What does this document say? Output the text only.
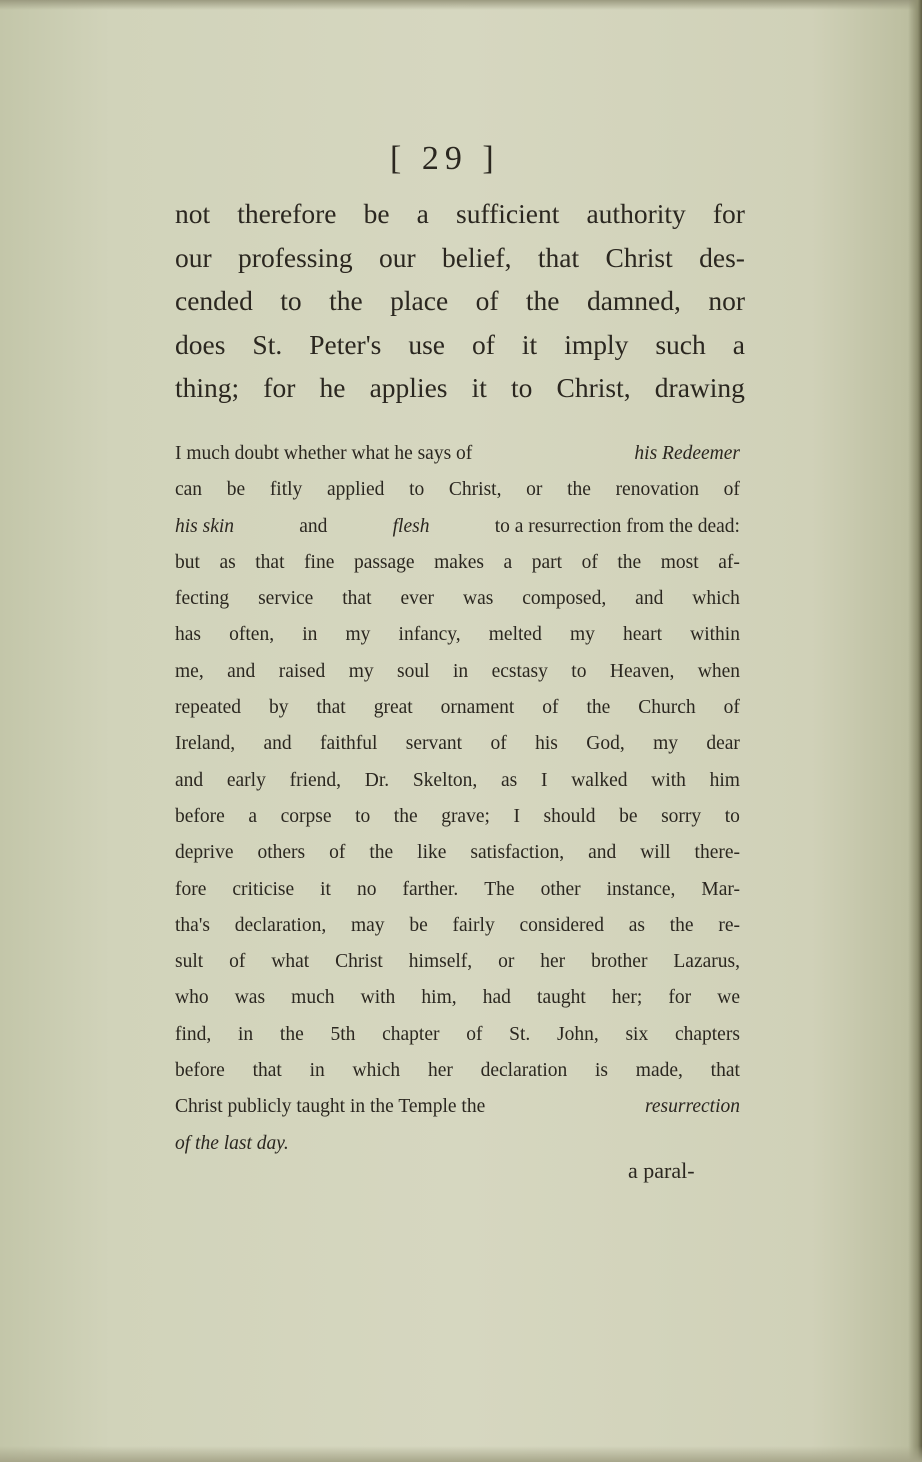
[ 29 ]
not therefore be a sufficient authority for
our professing our belief, that Christ des-
cended to the place of the damned, nor
does St. Peter's use of it imply such a
thing; for he applies it to Christ, drawing
I much doubt whether what he says of	his Redeemer
can be fitly applied to Christ, or the renovation of
his skin	and	flesh	to a resurrection from the dead:
but as that fine passage makes a part of the most af-
fecting service that ever was composed, and which
has often, in my infancy, melted my heart within
me, and raised my soul in ecstasy to Heaven, when
repeated by that great ornament of the Church of
Ireland, and faithful servant of his God, my dear
and early friend, Dr. Skelton, as I walked with him
before a corpse to the grave; I should be sorry to
deprive others of the like satisfaction, and will there-
fore criticise it no farther. The other instance, Mar-
tha's declaration, may be fairly considered as the re-
sult of what Christ himself, or her brother Lazarus,
who was much with him, had taught her; for we
find, in the 5th chapter of St. John, six chapters
before that in which her declaration is made, that
Christ publicly taught in the Temple the	resurrection
of the last day.
a paral-
